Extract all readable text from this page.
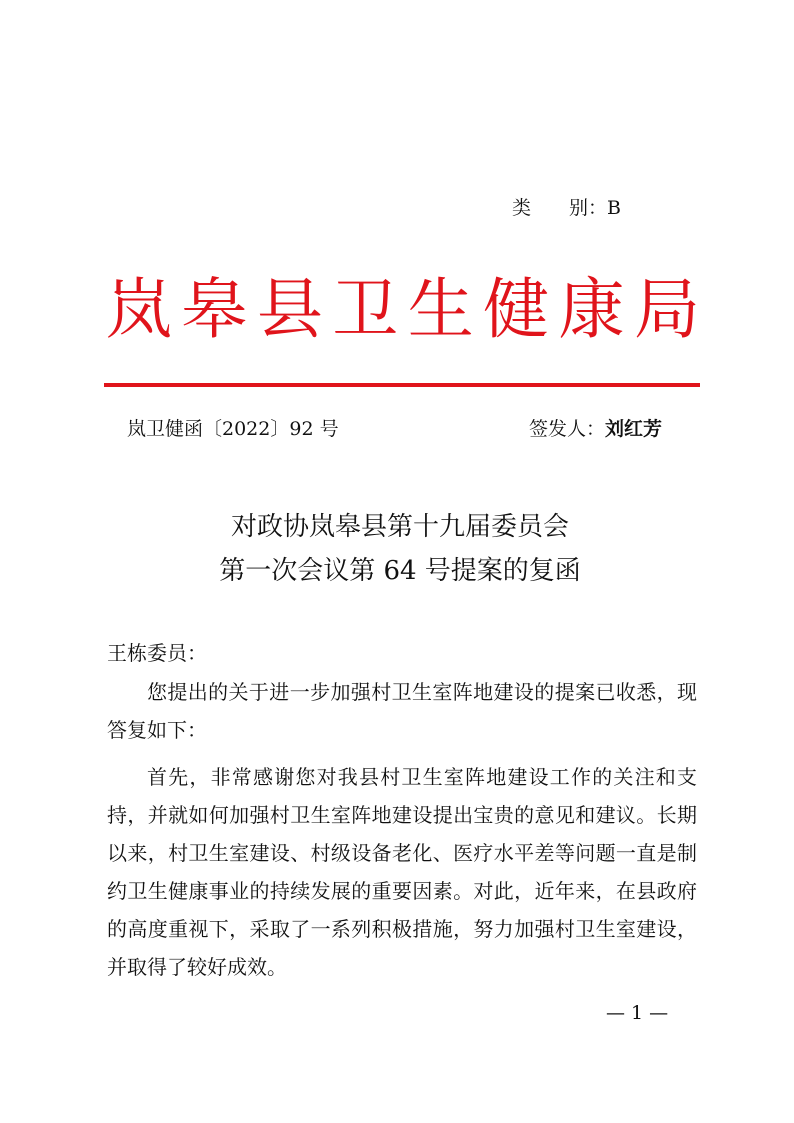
类　　别：B
岚 皋 县 卫 生 健 康 局
岚卫健函〔2022〕92 号	签发人：刘红芳
对政协岚皋县第十九届委员会
第一次会议第 64 号提案的复函
王栋委员：

您提出的关于进一步加强村卫生室阵地建设的提案已收悉，现答复如下：

首先，非常感谢您对我县村卫生室阵地建设工作的关注和支持，并就如何加强村卫生室阵地建设提出宝贵的意见和建议。长期以来，村卫生室建设、村级设备老化、医疗水平差等问题一直是制约卫生健康事业的持续发展的重要因素。对此，近年来，在县政府的高度重视下，采取了一系列积极措施，努力加强村卫生室建设，并取得了较好成效。

— 1 —
